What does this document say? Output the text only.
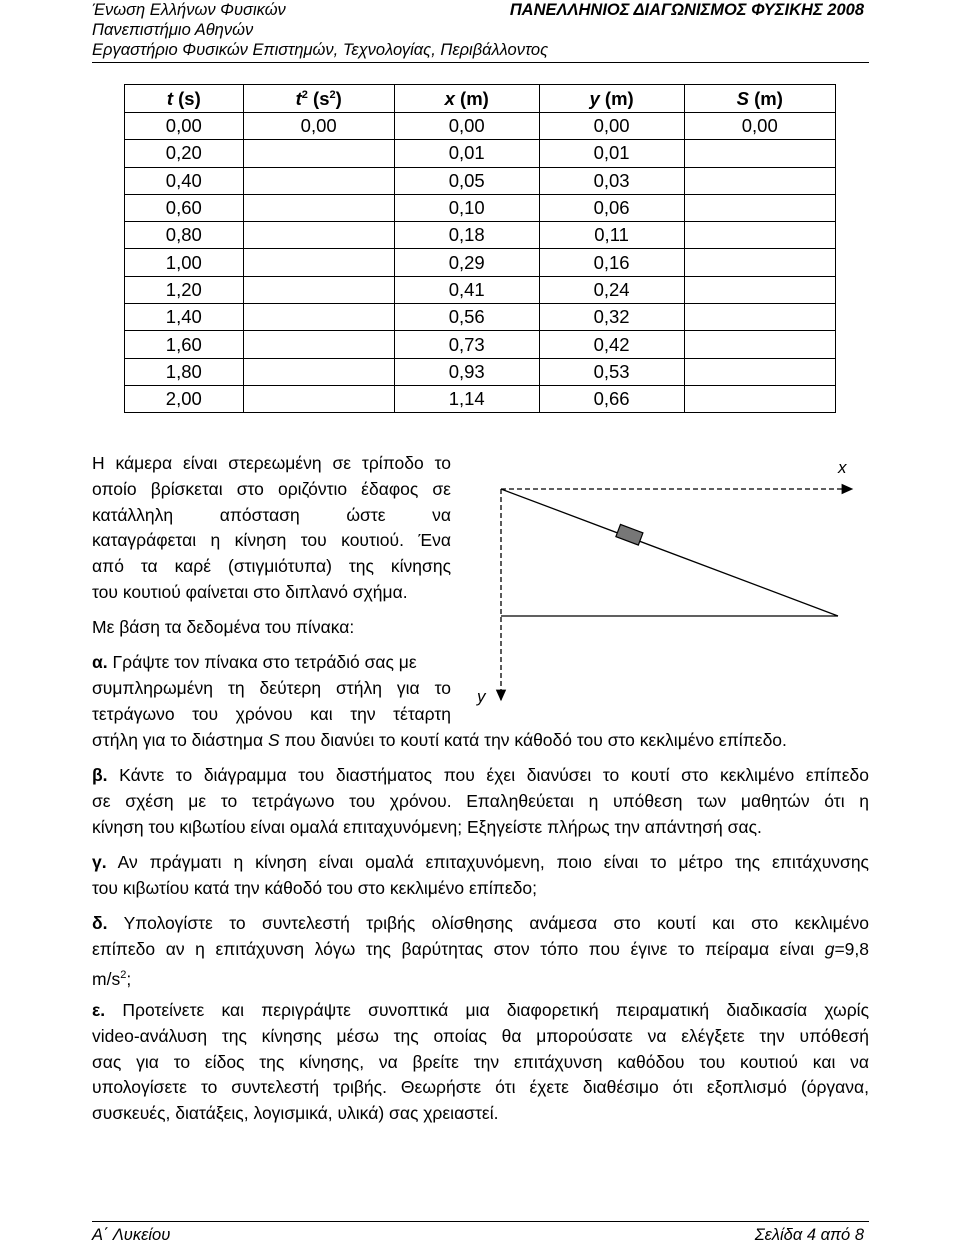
Ένωση Ελλήνων Φυσικών
Πανεπιστήμιο Αθηνών
Εργαστήριο Φυσικών Επιστημών, Τεχνολογίας, Περιβάλλοντος
ΠΑΝΕΛΛΗΝΙΟΣ ΔΙΑΓΩΝΙΣΜΟΣ ΦΥΣΙΚΗΣ 2008
t (s)	$t^2$ $(s^2)$	x (m)	y (m)	S (m)
0,00	0,00	0,00	0,00	0,00
0,20		0,01	0,01	
0,40		0,05	0,03	
0,60		0,10	0,06	
0,80		0,18	0,11	
1,00		0,29	0,16	
1,20		0,41	0,24	
1,40		0,56	0,32	
1,60		0,73	0,42	
1,80		0,93	0,53	
2,00		1,14	0,66	
Η κάμερα είναι στερεωμένη σε τρίποδο το
οποίο βρίσκεται στο οριζόντιο έδαφος σε
κατάλληλη απόσταση ώστε να
καταγράφεται η κίνηση του κουτιού. Ένα
από τα καρέ (στιγμιότυπα) της κίνησης
του κουτιού φαίνεται στο διπλανό σχήμα.
Με βάση τα δεδομένα του πίνακα:
x
y
α. Γράψτε τον πίνακα στο τετράδιό σας με
συμπληρωμένη τη δεύτερη στήλη για το
τετράγωνο του χρόνου και την τέταρτη
στήλη για το διάστημα S που διανύει το κουτί κατά την κάθοδό του στο κεκλιμένο επίπεδο.
β. Κάντε το διάγραμμα του διαστήματος που έχει διανύσει το κουτί στο κεκλιμένο επίπεδο
σε σχέση με το τετράγωνο του χρόνου. Επαληθεύεται η υπόθεση των μαθητών ότι η
κίνηση του κιβωτίου είναι ομαλά επιταχυνόμενη; Εξηγείστε πλήρως την απάντησή σας.
γ. Αν πράγματι η κίνηση είναι ομαλά επιταχυνόμενη, ποιο είναι το μέτρο της επιτάχυνσης
του κιβωτίου κατά την κάθοδό του στο κεκλιμένο επίπεδο;
δ. Υπολογίστε το συντελεστή τριβής ολίσθησης ανάμεσα στο κουτί και στο κεκλιμένο
επίπεδο αν η επιτάχυνση λόγω της βαρύτητας στον τόπο που έγινε το πείραμα είναι g=9,8
$m/s^2$;
ε. Προτείνετε και περιγράψτε συνοπτικά μια διαφορετική πειραματική διαδικασία χωρίς
video-ανάλυση της κίνησης μέσω της οποίας θα μπορούσατε να ελέγξετε την υπόθεσή
σας για το είδος της κίνησης, να βρείτε την επιτάχυνση καθόδου του κουτιού και να
υπολογίσετε το συντελεστή τριβής. Θεωρήστε ότι έχετε διαθέσιμο ότι εξοπλισμό (όργανα,
συσκευές, διατάξεις, λογισμικά, υλικά) σας χρειαστεί.
Α΄ Λυκείου	Σελίδα 4 από 8
